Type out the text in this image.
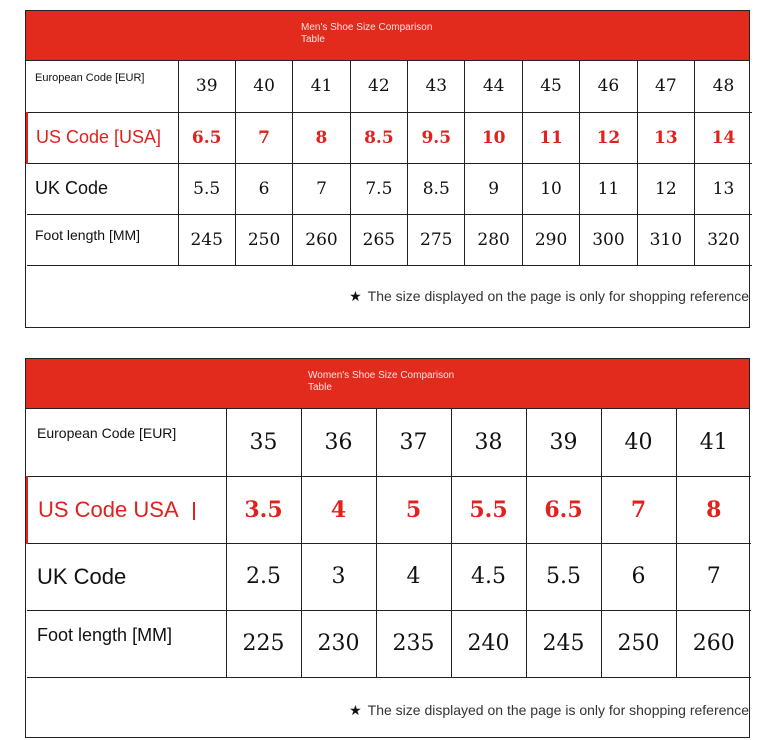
Men's Shoe Size Comparison Table
European Code [EUR]	39	40	41	42	43	44	45	46	47	48
US Code [USA]	6.5	7	8	8.5	9.5	10	11	12	13	14
UK Code	5.5	6	7	7.5	8.5	9	10	11	12	13
Foot length [MM]	245	250	260	265	275	280	290	300	310	320
★ The size displayed on the page is only for shopping reference
Women's Shoe Size Comparison Table
European Code [EUR]	35	36	37	38	39	40	41
US Code USA	3.5	4	5	5.5	6.5	7	8
UK Code	2.5	3	4	4.5	5.5	6	7
Foot length [MM]	225	230	235	240	245	250	260
★ The size displayed on the page is only for shopping reference
